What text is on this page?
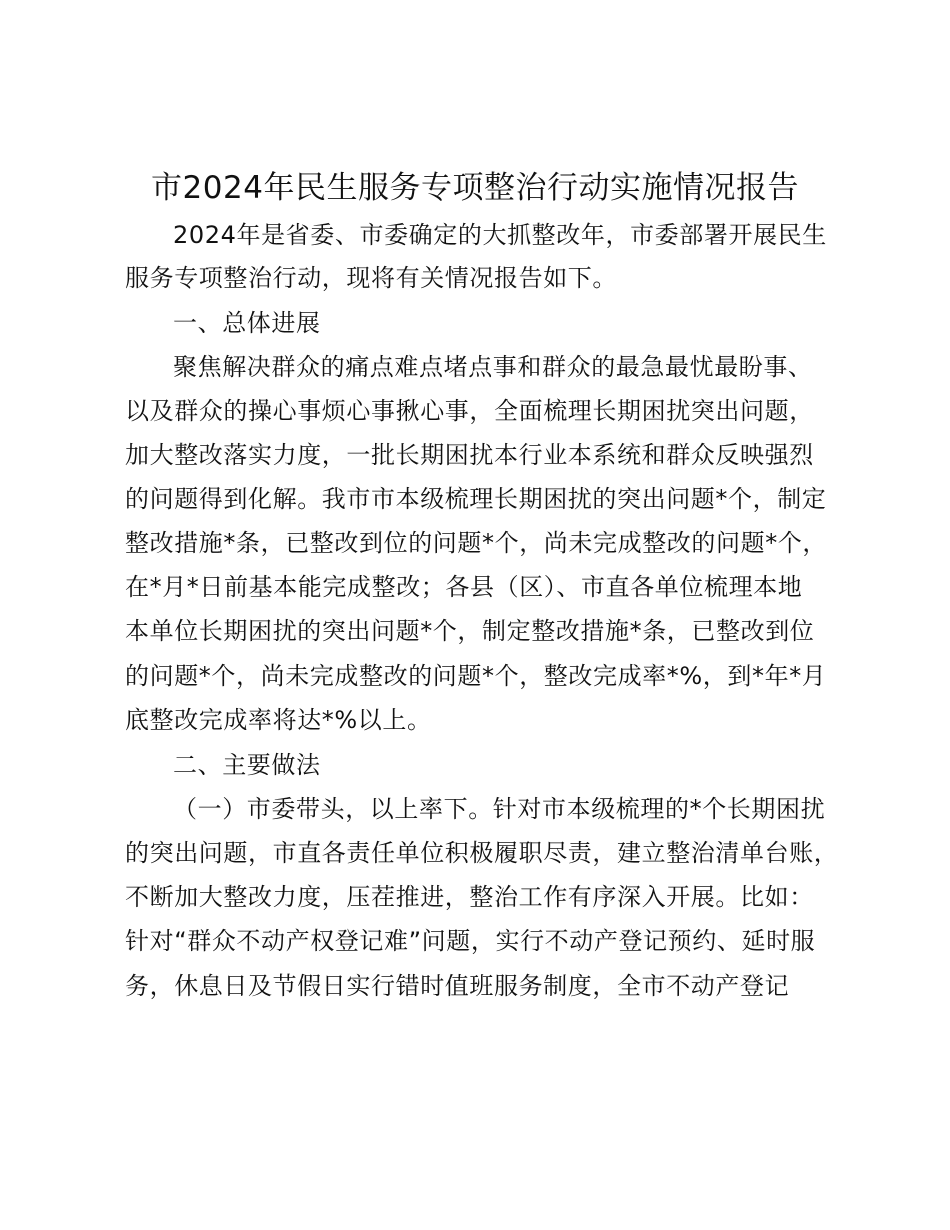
市2024年民生服务专项整治行动实施情况报告
2024年是省委、市委确定的大抓整改年，市委部署开展民生
服务专项整治行动，现将有关情况报告如下。
一、总体进展
聚焦解决群众的痛点难点堵点事和群众的最急最忧最盼事、
以及群众的操心事烦心事揪心事，全面梳理长期困扰突出问题，
加大整改落实力度，一批长期困扰本行业本系统和群众反映强烈
的问题得到化解。我市市本级梳理长期困扰的突出问题*个，制定
整改措施*条，已整改到位的问题*个，尚未完成整改的问题*个，
在*月*日前基本能完成整改；各县（区）、市直各单位梳理本地
本单位长期困扰的突出问题*个，制定整改措施*条，已整改到位
的问题*个，尚未完成整改的问题*个，整改完成率*%，到*年*月
底整改完成率将达*%以上。
二、主要做法
（一）市委带头，以上率下。针对市本级梳理的*个长期困扰
的突出问题，市直各责任单位积极履职尽责，建立整治清单台账，
不断加大整改力度，压茬推进，整治工作有序深入开展。比如：
针对“群众不动产权登记难”问题，实行不动产登记预约、延时服
务，休息日及节假日实行错时值班服务制度，全市不动产登记
